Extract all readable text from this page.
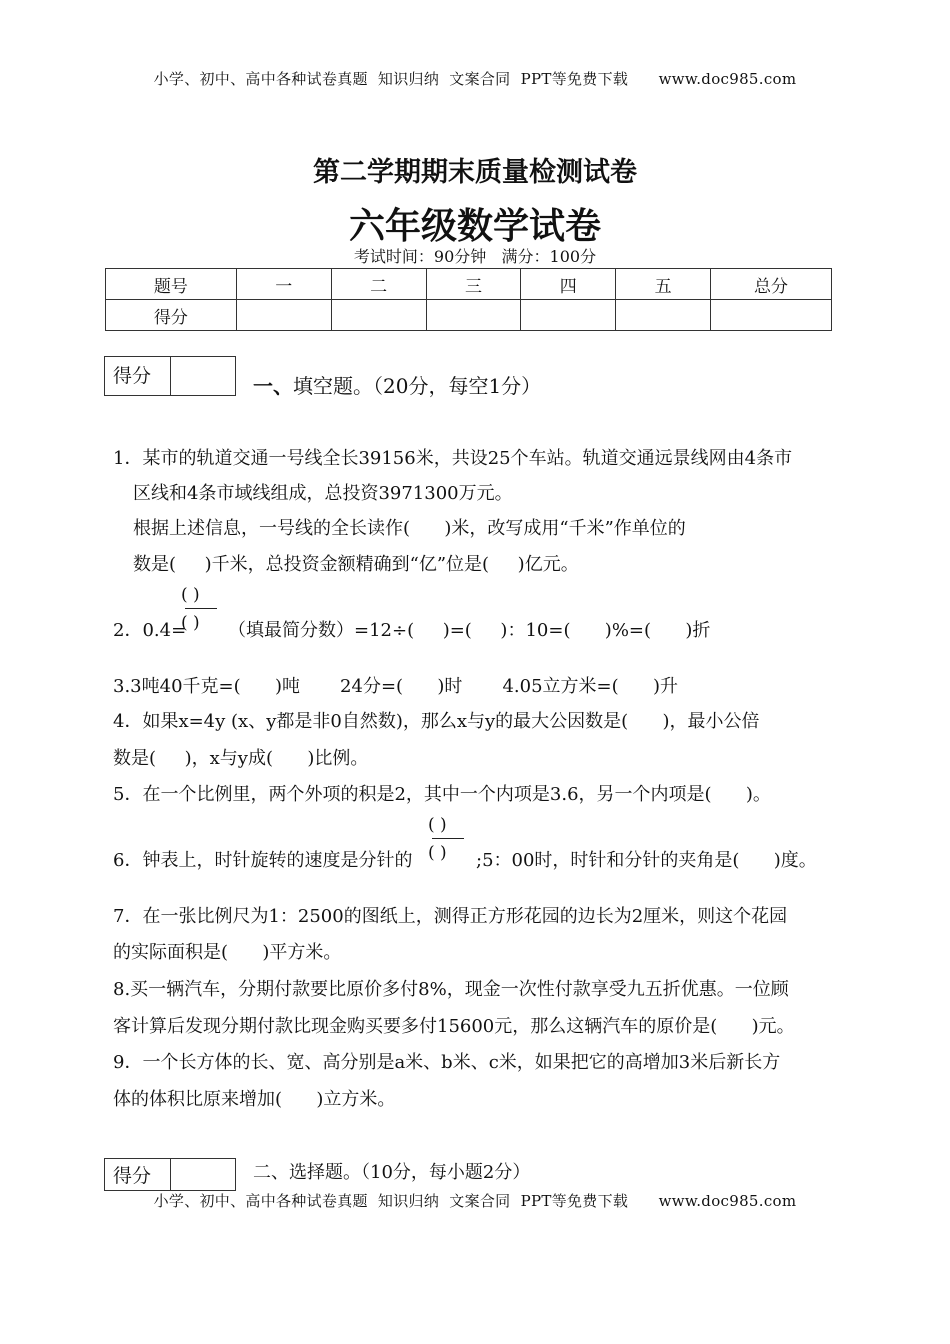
小学、初中、高中各种试卷真题  知识归纳  文案合同  PPT等免费下载      www.doc985.com
第二学期期末质量检测试卷
六年级数学试卷
考试时间：90分钟   满分：100分
题号	一	二	三	四	五	总分
得分						
得分	一、填空题。（20分，每空1分）
1．某市的轨道交通一号线全长39156米，共设25个车站。轨道交通远景线网由4条市
区线和4条市域线组成，总投资3971300万元。
根据上述信息，一号线的全长读作(      )米，改写成用“千米”作单位的
数是(     )千米，总投资金额精确到“亿”位是(     )亿元。
2．0.4=
( )
( ) （填最简分数）=12÷(     )=(     )：10=(      )%=(      )折
3.3吨40千克=(      )吨       24分=(      )时       4.05立方米=(      )升
4．如果x=4y (x、y都是非0自然数)，那么x与y的最大公因数是(      )，最小公倍
数是(     )，x与y成(      )比例。
5．在一个比例里，两个外项的积是2，其中一个内项是3.6，另一个内项是(      )。
6．钟表上，时针旋转的速度是分针的
( )
( ) ;5：00时，时针和分针的夹角是(      )度。
7．在一张比例尺为1：2500的图纸上，测得正方形花园的边长为2厘米，则这个花园
的实际面积是(      )平方米。
8.买一辆汽车，分期付款要比原价多付8%，现金一次性付款享受九五折优惠。一位顾
客计算后发现分期付款比现金购买要多付15600元，那么这辆汽车的原价是(      )元。
9．一个长方体的长、宽、高分别是a米、b米、c米，如果把它的高增加3米后新长方
体的体积比原来增加(      )立方米。
得分	二、选择题。（10分，每小题2分）
小学、初中、高中各种试卷真题  知识归纳  文案合同  PPT等免费下载      www.doc985.com
